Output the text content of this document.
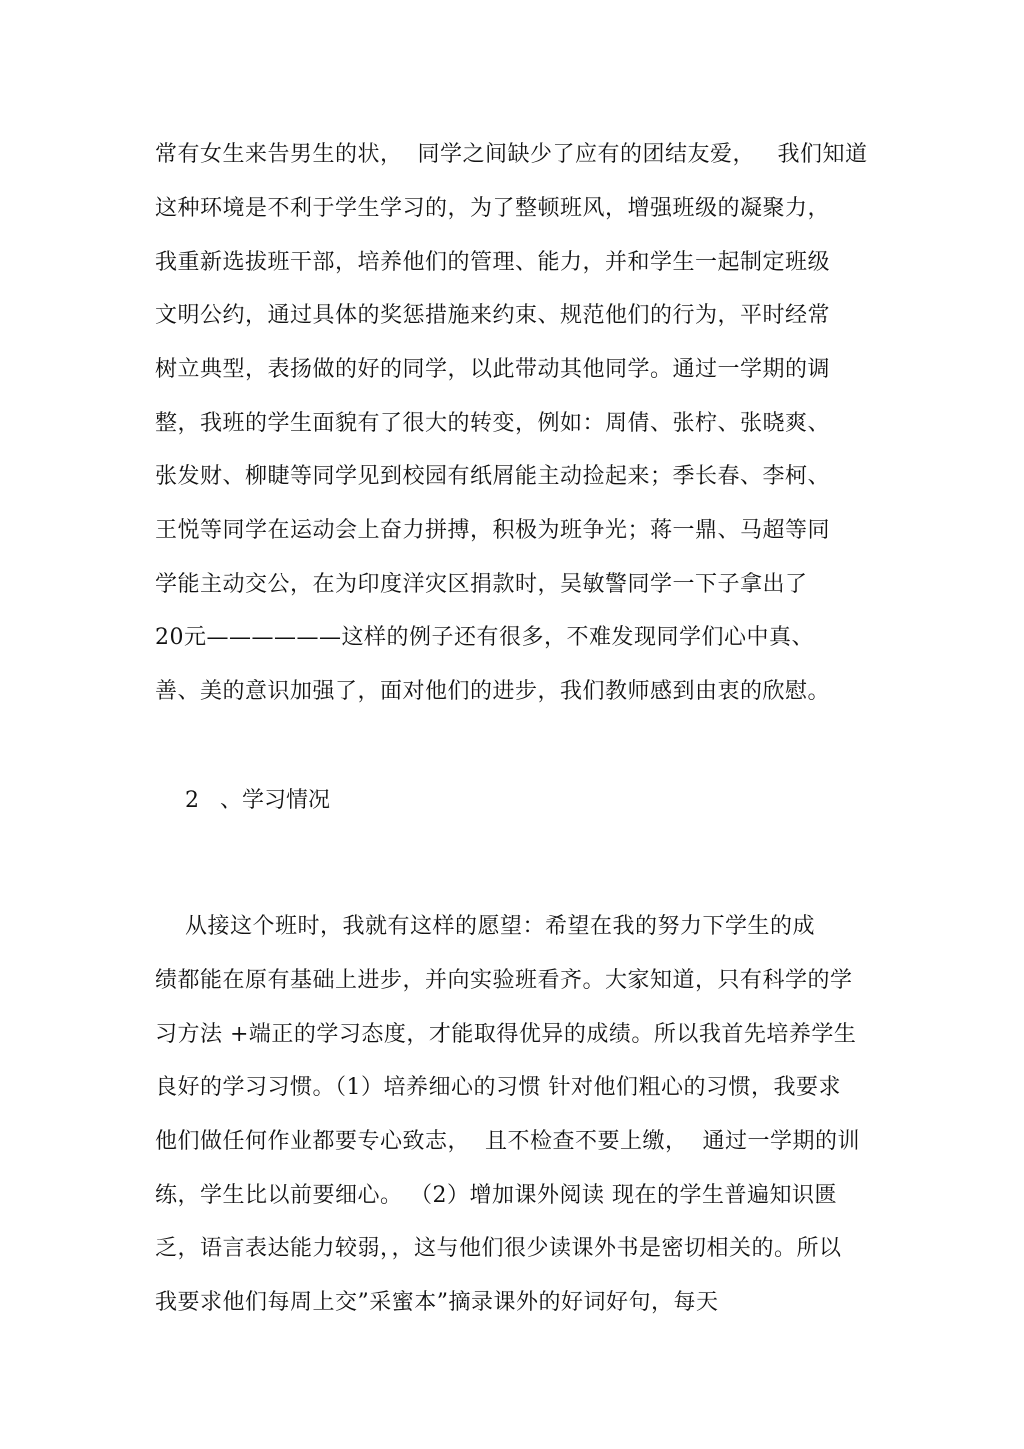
常有女生来告男生的状，  同学之间缺少了应有的团结友爱，   我们知道
这种环境是不利于学生学习的，为了整顿班风，增强班级的凝聚力，
我重新选拔班干部，培养他们的管理、能力，并和学生一起制定班级
文明公约，通过具体的奖惩措施来约束、规范他们的行为，平时经常
树立典型，表扬做的好的同学，以此带动其他同学。通过一学期的调
整，我班的学生面貌有了很大的转变，例如：周倩、张柠、张晓爽、
张发财、柳睫等同学见到校园有纸屑能主动捡起来；季长春、李柯、
王悦等同学在运动会上奋力拼搏，积极为班争光；蒋一鼎、马超等同
学能主动交公，在为印度洋灾区捐款时，吴敏警同学一下子拿出了
20元——————这样的例子还有很多，不难发现同学们心中真、
善、美的意识加强了，面对他们的进步，我们教师感到由衷的欣慰。
2   、学习情况
从接这个班时，我就有这样的愿望：希望在我的努力下学生的成
绩都能在原有基础上进步，并向实验班看齐。大家知道，只有科学的学
习方法 +端正的学习态度，才能取得优异的成绩。所以我首先培养学生
良好的学习习惯。（1）培养细心的习惯 针对他们粗心的习惯，我要求
他们做任何作业都要专心致志，  且不检查不要上缴，  通过一学期的训
练，学生比以前要细心。 （2）增加课外阅读 现在的学生普遍知识匮
乏，语言表达能力较弱，，这与他们很少读课外书是密切相关的。所以
我要求他们每周上交”采蜜本”摘录课外的好词好句，每天
